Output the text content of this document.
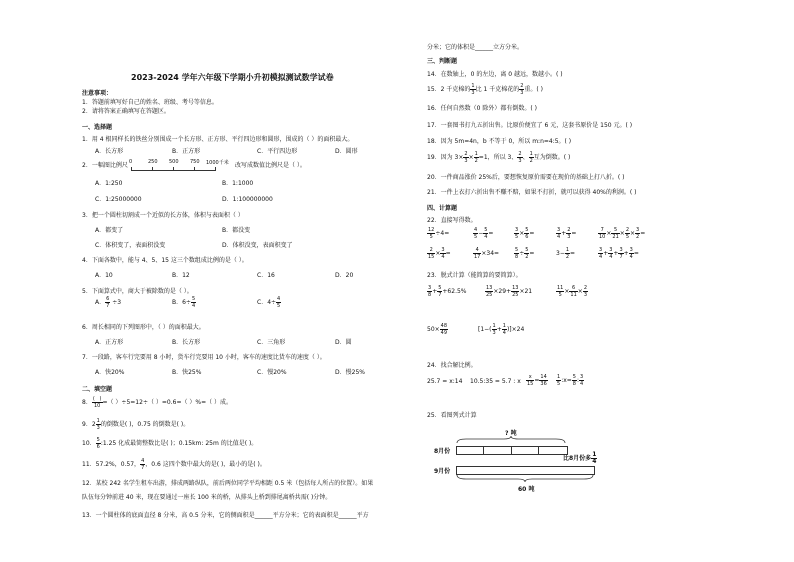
2023-2024 学年六年级下学期小升初模拟测试数学试卷
注意事项：
1．答题前填写好自己的姓名、班级、考号等信息。
2．请将答案正确填写在答题区。
一、选择题
1．用 4 根同样长的铁丝分别围成一个长方形、正方形、平行四边形和圆形，围成的（ ）的面积最大。
A．长方形	B．正方形	C．平行四边形	D．圆形
2．一幅图比例尺 0	250 500 750 1000千米 改写成数值比例尺是（ ）。
A．1:250	B．1:1000
C．1:25000000	D．1:100000000
3．把一个圆柱切割成一个近似的长方体，体积与表面积（ ）
A．都变了	B．都没变
C．体积变了，表面积没变	D．体积没变，表面积变了
4．下面各数中，能与 4、5、15 这三个数组成比例的是（ ）。
A．10	B．12	C．16	D．20
5．下面算式中，商大于被除数的是（ ）。
A． $\frac{6}{7} \div 3$	B．$6\div \frac{5}{4}$	C．$4\div \frac{4}{5}$
6．周长相同的下列图形中，（ ）的面积最大。
A．正方形	B．长方形	C．三角形	D．圆
7．一段路，客车行完要用 8 小时，货车行完要用 10 小时，客车的速度比货车的速度（ ）。
A．快20%	B．快25%	C．慢20%	D．慢25%
二、填空题
8． $\frac{( )}{10}$ =（ ）÷5=12÷（ ）=0.6=（ ）%=（ ）成。
9．$2 \frac{1}{3}$ 的倒数是( )，0.75 的倒数是( )。
10． $\frac{5}{6}$ :1.25 化成最简整数比是( )；0.15km: 25m 的比值是( )。
11．57.2%，0.57， $\frac{4}{7}$ ，0.6 这四个数中最大的是( )，最小的是( )。
12．某校 242 名学生租车出游，排成两路纵队，前后两位同学平均相距 0.5 米（包括每人所占的位置）。如果
队伍每分钟前进 40 米，现在要通过一座长 100 米的桥，从排头上桥到排尾离桥共需( )分钟。
13．一个圆柱体的底面直径 8 分米，高 0.5 分米，它的侧面积是______平方分米；它的表面积是______平方
分米；它的体积是______立方分米。
三、判断题
14．在数轴上，0 的左边，离 0 越远，数越小。( )
15．2 千克棉的 $\frac{1}{3}$ 比 1 千克棉花的 $\frac{2}{3}$ 重。( )
16．任何自然数（0 除外）都有倒数。( )
17．一套图书打九五折出售。比原价便宜了 6 元，这套书原价是 150 元。( )
18．因为 5m=4n，b 不等于 0，所以 m:n=4:5。( )
19．因为 $3\times \frac{2}{3} \times \frac{1}{2} =1$，所以 3、 $\frac{2}{3}$ 、 $\frac{1}{2}$ 互为倒数。( )
20．一件商品涨价 25%后，要想恢复原价需要在现价的基础上打八折。( )
21．一件上衣打六折出售不赚不赔，如果不打折，就可以获得 40%的利润。( )
四、计算题
22．直接写得数。
$\frac{12}{5} \div 4=$	$\frac{4}{5} - \frac{5}{4}$ =	$\frac{3}{5} \times \frac{5}{6}$ =	$\frac{3}{4} + \frac{2}{3}$ =	$\frac{7}{10} \times \frac{5}{21} \times \frac{2}{5} \times \frac{3}{2}$ =
$\frac{2}{15} \times \frac{3}{4}$ =	$\frac{4}{17} \times 34=$	$\frac{5}{8} \div \frac{5}{2}$ =	$3- \frac{1}{2}$ =	$\frac{3}{4} + \frac{3}{4} + \frac{3}{7} + \frac{3}{4}$ =
23．脱式计算（能简算的要简算）。
$\frac{3}{8} + \frac{5}{7} +62.5\%$	$\frac{13}{25} \times 29+ \frac{13}{25} \times 21$	$\frac{11}{5} \times \frac{6}{11} \times \frac{2}{3}$
$50\times \frac{48}{49}$	$[1-( \frac{1}{3} + \frac{1}{4} )]\times 24$
24．找合解比例。
25.7 = x:14 10.5:35 = 5.7 : x $\frac{x}{15} = \frac{14}{36} \frac{1}{5}$ :x= $\frac{5}{8}$ : $\frac{3}{4}$
25．看图列式计算
? 吨
8月份
比8月份多 $\frac{1}{4}$
9月份
60 吨
